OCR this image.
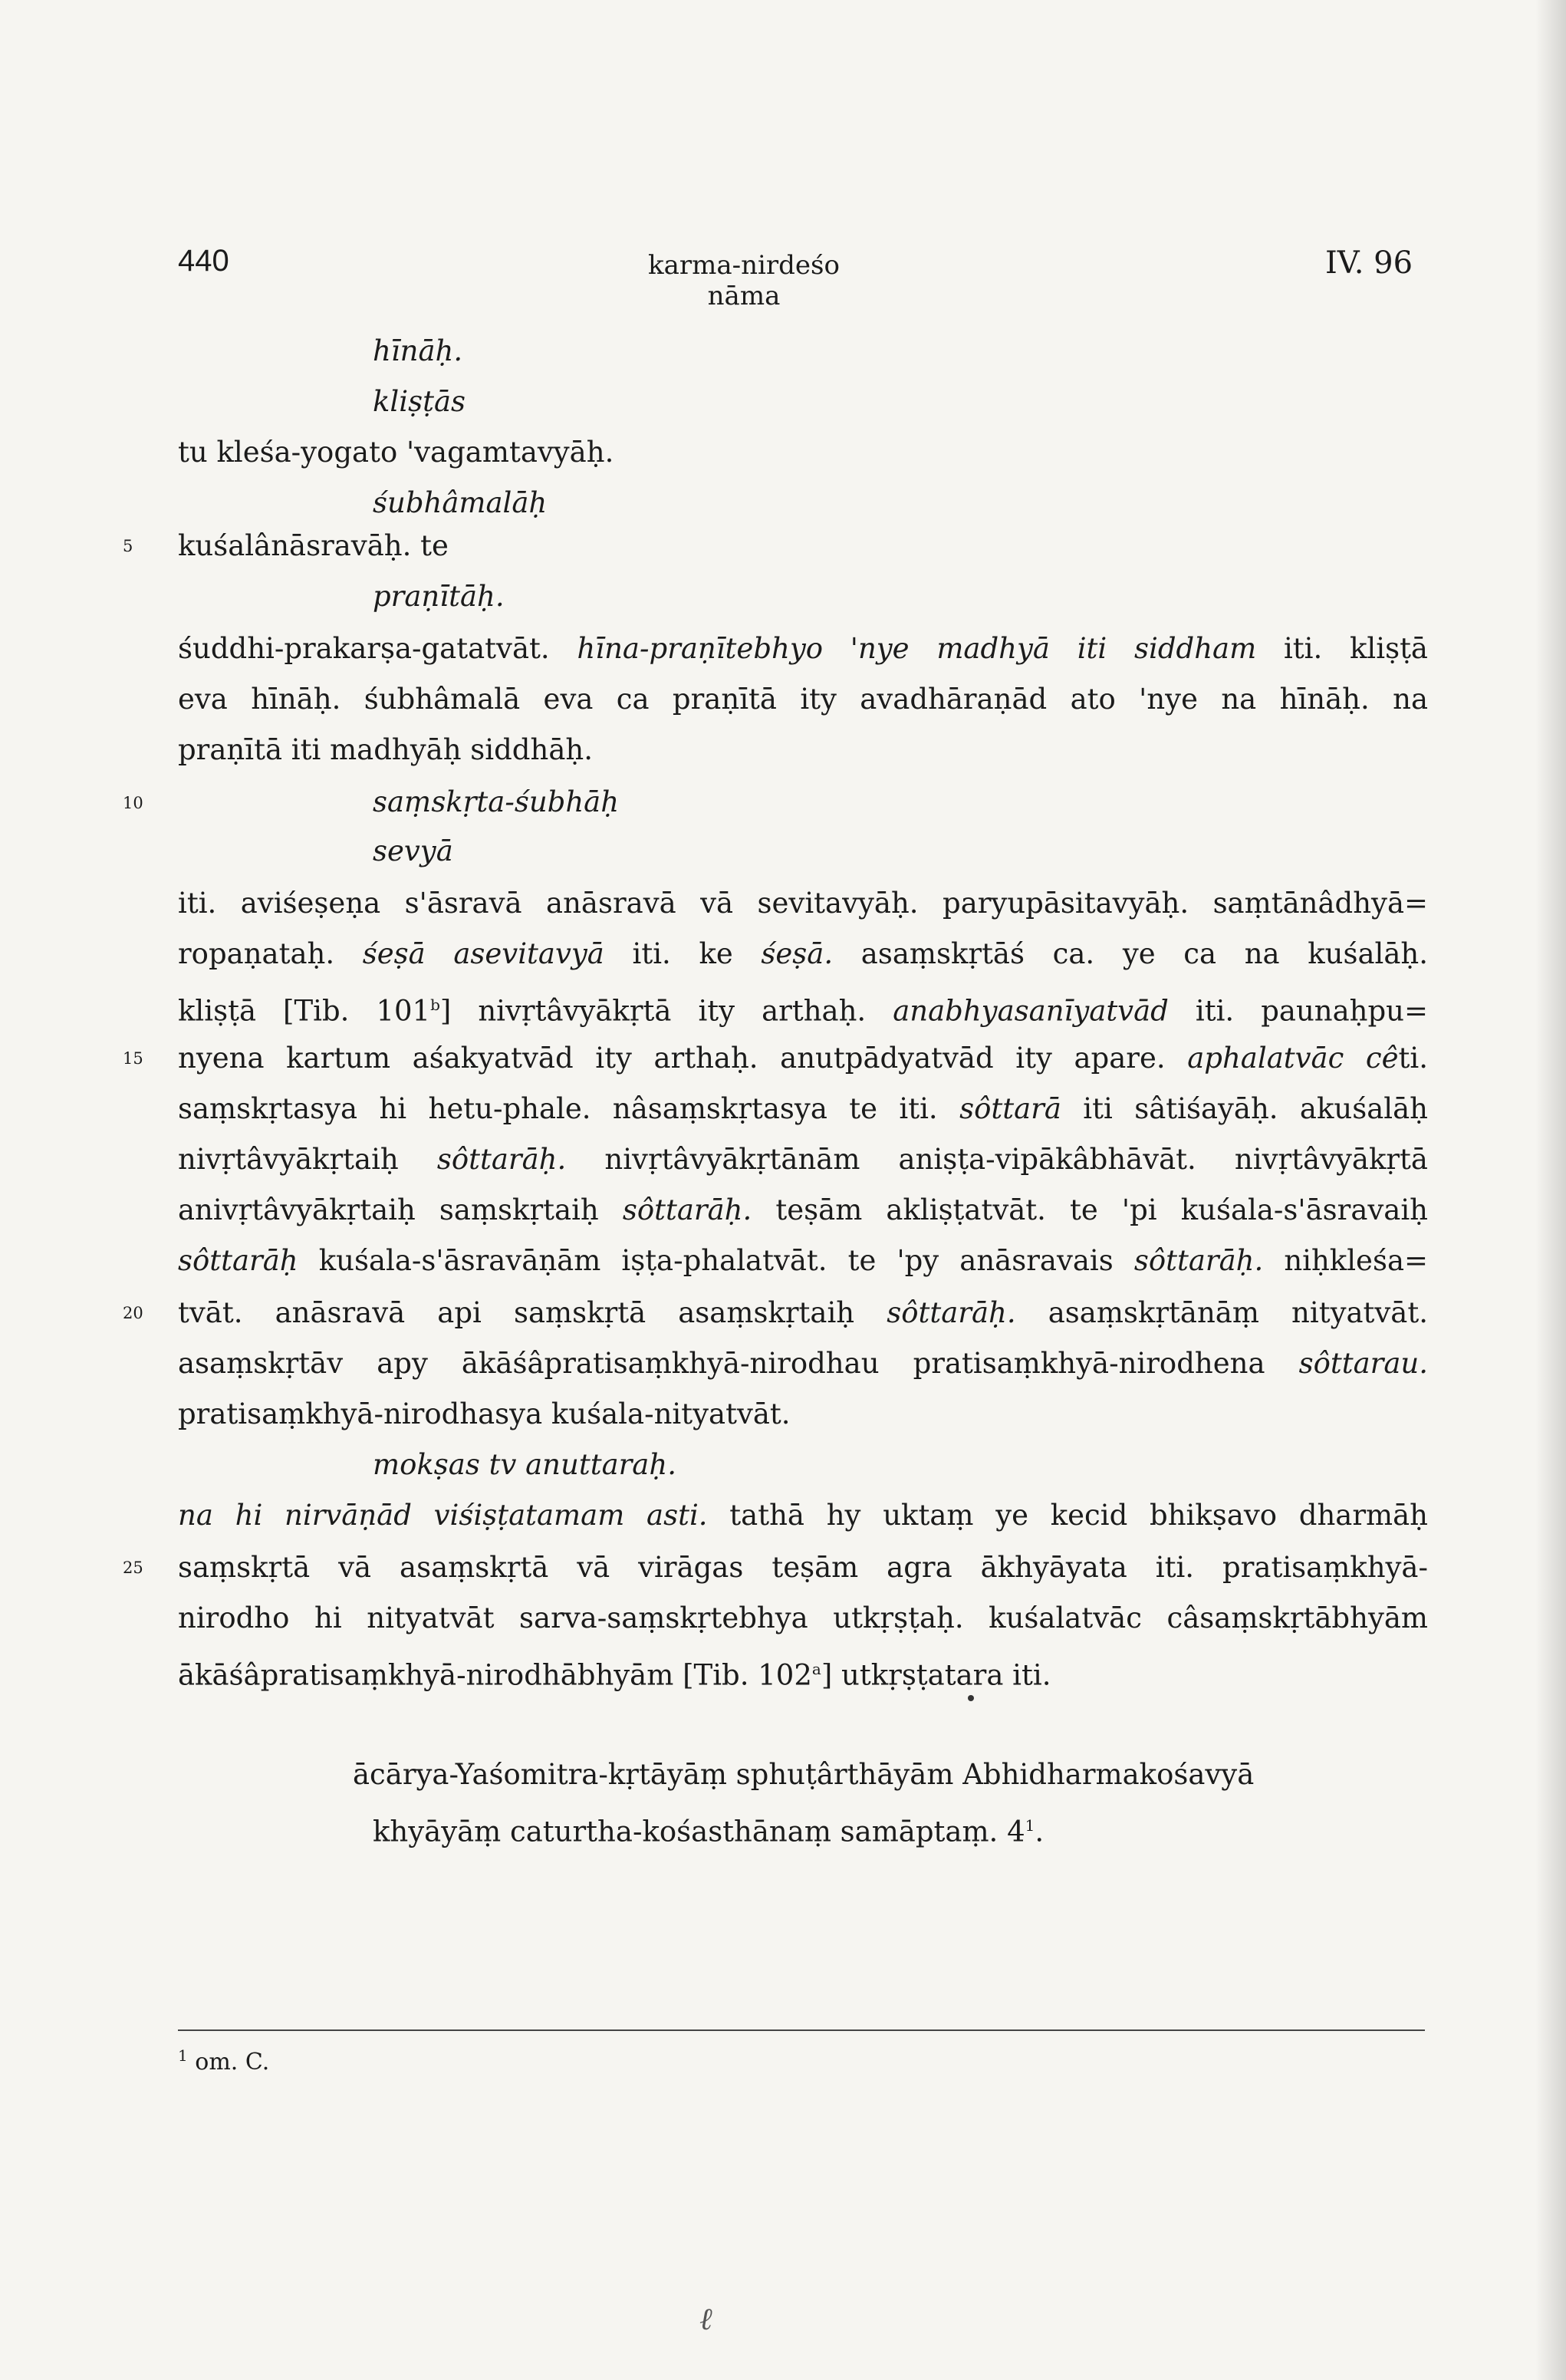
440	karma-nirdeśo nāma
IV. 96
5
10
15
20
25
hīnāḥ.
kliṣṭās
tu kleśa-yogato 'vagamtavyāḥ.
śubhâmalāḥ
kuśalânāsravāḥ. te
praṇītāḥ.
śuddhi-prakarṣa-gatatvāt. hīna-praṇītebhyo 'nye madhyā iti siddham iti. kliṣṭā
eva hīnāḥ. śubhâmalā eva ca praṇītā ity avadhāraṇād ato 'nye na hīnāḥ. na
praṇītā iti madhyāḥ siddhāḥ.
saṃskṛta-śubhāḥ
sevyā
iti. aviśeṣeṇa s'āsravā anāsravā vā sevitavyāḥ. paryupāsitavyāḥ. saṃtānâdhyā=
ropaṇataḥ. śeṣā asevitavyā iti. ke śeṣā. asaṃskṛtāś ca. ye ca na kuśalāḥ.
kliṣṭā [Tib. 101$^b$] nivṛtâvyākṛtā ity arthaḥ. anabhyasanīyatvād iti. paunaḥpu=
nyena kartum aśakyatvād ity arthaḥ. anutpādyatvād ity apare. aphalatvāc cêti.
saṃskṛtasya hi hetu-phale. nâsaṃskṛtasya te iti. sôttarā iti sâtiśayāḥ. akuśalāḥ
nivṛtâvyākṛtaiḥ sôttarāḥ. nivṛtâvyākṛtānām aniṣṭa-vipākâbhāvāt. nivṛtâvyākṛtā
anivṛtâvyākṛtaiḥ saṃskṛtaiḥ sôttarāḥ. teṣām akliṣṭatvāt. te 'pi kuśala-s'āsravaiḥ
sôttarāḥ kuśala-s'āsravāṇām iṣṭa-phalatvāt. te 'py anāsravais sôttarāḥ. niḥkleśa=
tvāt. anāsravā api saṃskṛtā asaṃskṛtaiḥ sôttarāḥ. asaṃskṛtānāṃ nityatvāt.
asaṃskṛtāv apy ākāśâpratisaṃkhyā-nirodhau pratisaṃkhyā-nirodhena sôttarau.
pratisaṃkhyā-nirodhasya kuśala-nityatvāt.
mokṣas tv anuttaraḥ.
na hi nirvāṇād viśiṣṭatamam asti. tathā hy uktaṃ ye kecid bhikṣavo dharmāḥ
saṃskṛtā vā asaṃskṛtā vā virāgas teṣām agra ākhyāyata iti. pratisaṃkhyā-
nirodho hi nityatvāt sarva-saṃskṛtebhya utkṛṣṭaḥ. kuśalatvāc câsaṃskṛtābhyām
ākāśâpratisaṃkhyā-nirodhābhyām [Tib. 102$^a$] utkṛṣṭatara iti.
ācārya-Yaśomitra-kṛtāyāṃ sphuṭârthāyām Abhidharmakośavyā
khyāyāṃ caturtha-kośasthānaṃ samāptaṃ. $4^1$.
$^1$ om. C.
ℓ
